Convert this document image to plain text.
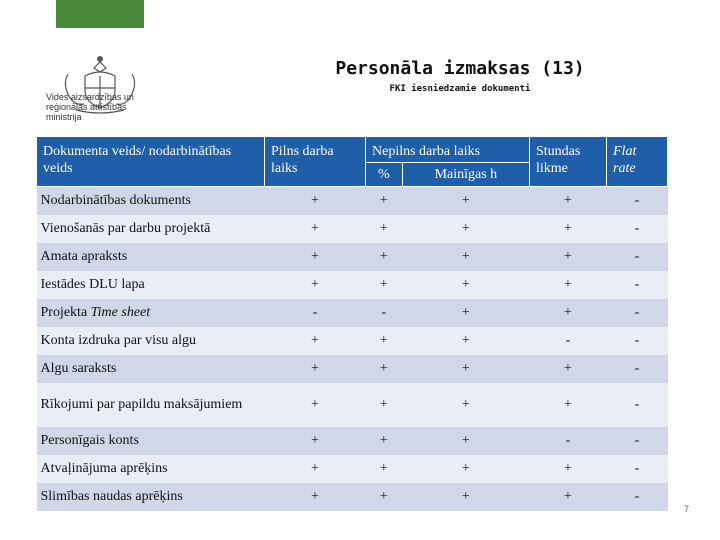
Vides aizsardzības un
reģionālās attīstības
ministrija
Personāla izmaksas (13)
FKI iesniedzamie dokumenti
Dokumenta veids/ nodarbinātības veids	Pilns darba laiks	Nepilns darba laiks		Stundas likme	Flat rate
		%	Mainīgas h		
Nodarbinātības dokuments	+	+	+	+	-
Vienošanās par darbu projektā	+	+	+	+	-
Amata apraksts	+	+	+	+	-
Iestādes DLU lapa	+	+	+	+	-
Projekta Time sheet	-	-	+	+	-
Konta izdruka par visu algu	+	+	+	-	-
Algu saraksts	+	+	+	+	-
Rīkojumi par papildu maksājumiem	+	+	+	+	-
Personīgais konts	+	+	+	-	-
Atvaļinājuma aprēķins	+	+	+	+	-
Slimības naudas aprēķins	+	+	+	+	-
7
